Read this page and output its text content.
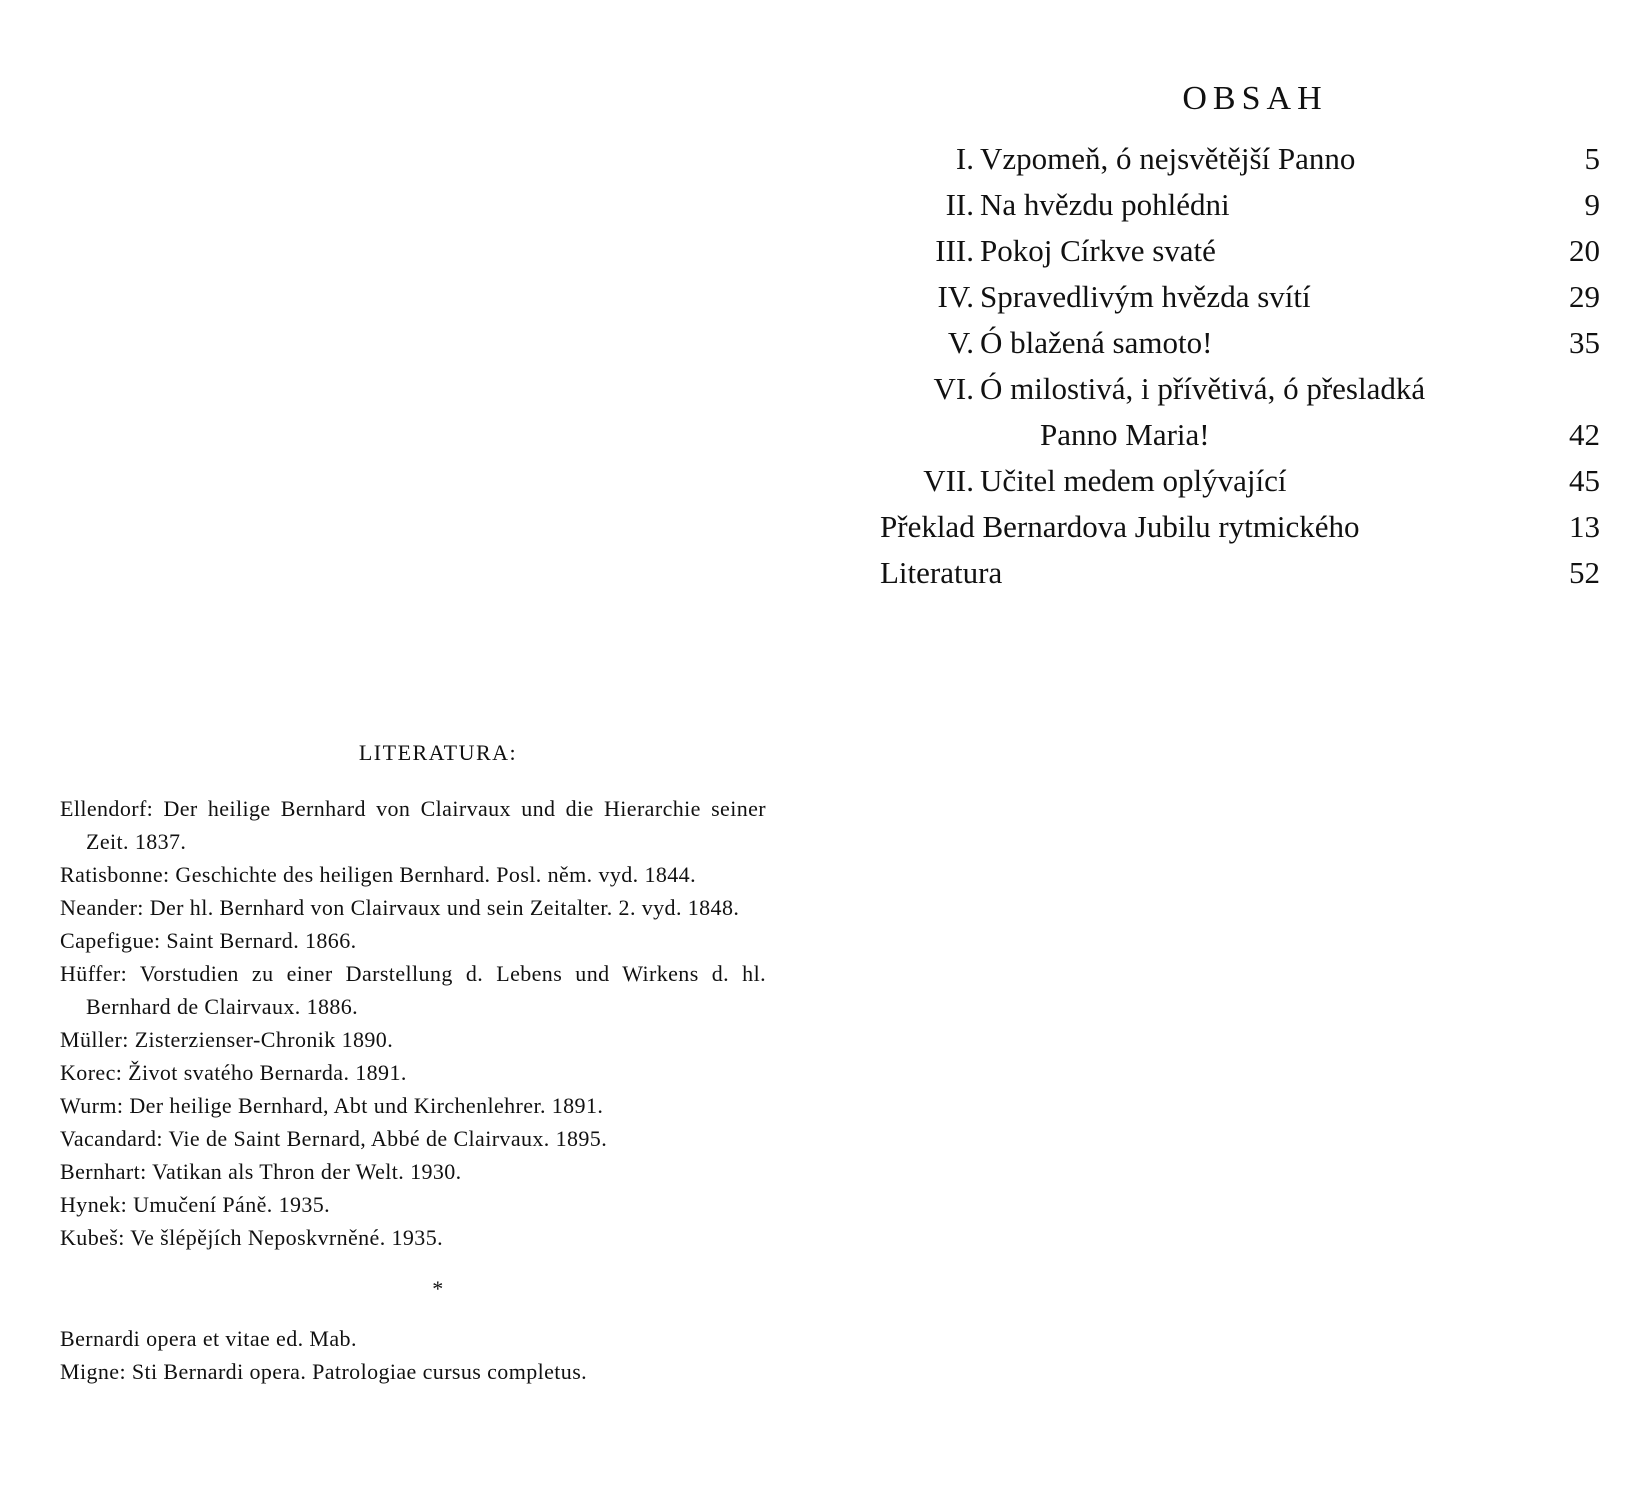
OBSAH
I. Vzpomeň, ó nejsvětější Panno	5
II. Na hvězdu pohlédni	9
III. Pokoj Církve svaté	20
IV. Spravedlivým hvězda svítí	29
V. Ó blažená samoto!	35
VI. Ó milostivá, i přívětivá, ó přesladká
Panno Maria!	42
VII. Učitel medem oplývající	45
Překlad Bernardova Jubilu rytmického	13
Literatura	52
LITERATURA:

Ellendorf: Der heilige Bernhard von Clairvaux und die Hierarchie seiner Zeit. 1837.

Ratisbonne: Geschichte des heiligen Bernhard. Posl. něm. vyd. 1844.

Neander: Der hl. Bernhard von Clairvaux und sein Zeitalter. 2. vyd. 1848.

Capefigue: Saint Bernard. 1866.

Hüffer: Vorstudien zu einer Darstellung d. Lebens und Wirkens d. hl. Bernhard de Clairvaux. 1886.

Müller: Zisterzienser-Chronik 1890.

Korec: Život svatého Bernarda. 1891.

Wurm: Der heilige Bernhard, Abt und Kirchenlehrer. 1891.

Vacandard: Vie de Saint Bernard, Abbé de Clairvaux. 1895.

Bernhart: Vatikan als Thron der Welt. 1930.

Hynek: Umučení Páně. 1935.

Kubeš: Ve šlépějích Neposkvrněné. 1935.

*

Bernardi opera et vitae ed. Mab.

Migne: Sti Bernardi opera. Patrologiae cursus completus.
